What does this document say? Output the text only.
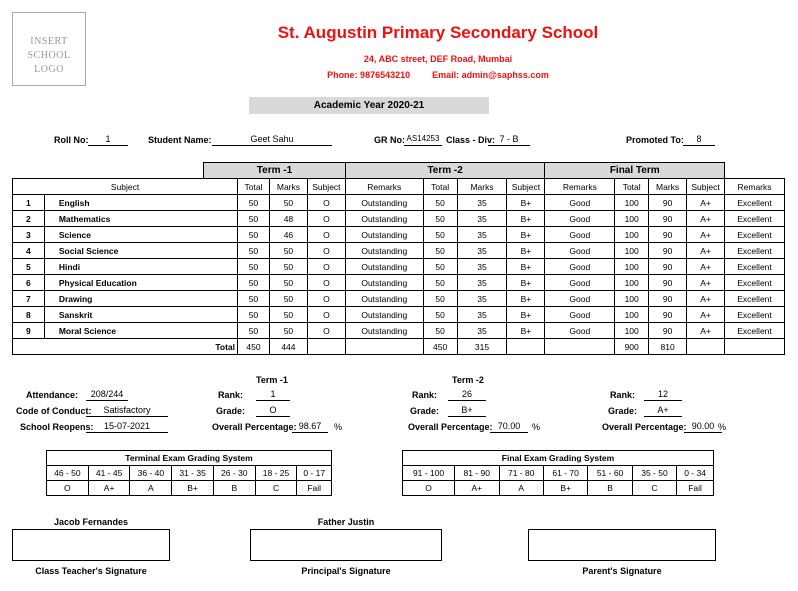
INSERT SCHOOL LOGO
St. Augustin Primary Secondary School
24, ABC street, DEF Road, Mumbai
Phone: 9876543210 Email: admin@saphss.com
Academic Year 2020-21
Roll No:	1	Student Name:	Geet Sahu	GR No: AS14253 Class - Div: 7 - B	Promoted To:	8
		Term -1				Term -2				Final Term				
Subject			Total	Marks	Subject	Remarks	Total	Marks	Subject	Remarks	Total	Marks	Subject	Remarks
1	English		50	50	O	Outstanding	50	35	B+	Good	100	90	A+	Excellent
2	Mathematics		50	48	O	Outstanding	50	35	B+	Good	100	90	A+	Excellent
3	Science		50	46	O	Outstanding	50	35	B+	Good	100	90	A+	Excellent
4	Social Science		50	50	O	Outstanding	50	35	B+	Good	100	90	A+	Excellent
5	Hindi		50	50	O	Outstanding	50	35	B+	Good	100	90	A+	Excellent
6	Physical Education		50	50	O	Outstanding	50	35	B+	Good	100	90	A+	Excellent
7	Drawing		50	50	O	Outstanding	50	35	B+	Good	100	90	A+	Excellent
8	Sanskrit		50	50	O	Outstanding	50	35	B+	Good	100	90	A+	Excellent
9	Moral Science		50	50	O	Outstanding	50	35	B+	Good	100	90	A+	Excellent
		Total	450	444			450	315			900	810		
Attendance:	208/244
Code of Conduct:	Satisfactory
School Reopens:	15-07-2021
Term -1
Rank:	1
Grade:	O
Overall Percentage: 98.67	%
Term -2
Rank:	26
Grade:	B+
Overall Percentage: 70.00	%
Rank:	12
Grade:	A+
Overall Percentage: 90.00 %
Terminal Exam Grading System						
46 - 50	41 - 45	36 - 40	31 - 35	26 - 30	18 - 25	0 - 17
O	A+	A	B+	B	C	Fail
Final Exam Grading System						
91 - 100	81 - 90	71 - 80	61 - 70	51 - 60	35 - 50	0 - 34
O	A+	A	B+	B	C	Fail
Jacob Fernandes
Class Teacher's Signature
Father Justin
Principal's Signature	Parent's Signature
